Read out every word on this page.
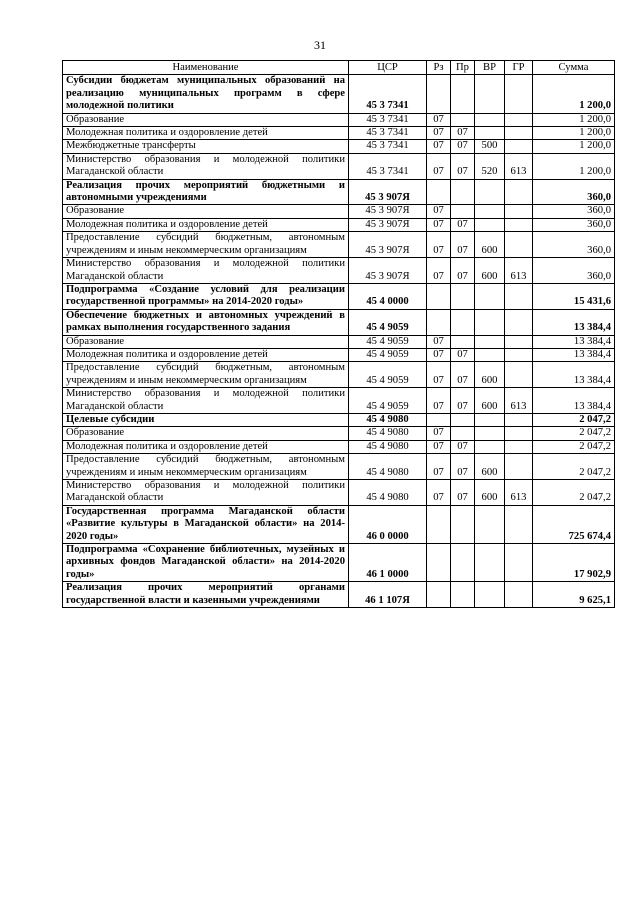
31
Наименование	ЦСР	Рз	Пр	ВР	ГР	Сумма
Субсидии бюджетам муниципальных образований на реализацию муниципальных программ в сфере молодежной политики	45 3 7341					1 200,0
Образование	45 3 7341	07				1 200,0
Молодежная политика и оздоровление детей	45 3 7341	07	07			1 200,0
Межбюджетные трансферты	45 3 7341	07	07	500		1 200,0
Министерство образования и молодежной политики Магаданской области	45 3 7341	07	07	520	613	1 200,0
Реализация прочих мероприятий бюджетными и автономными учреждениями	45 3 907Я					360,0
Образование	45 3 907Я	07				360,0
Молодежная политика и оздоровление детей	45 3 907Я	07	07			360,0
Предоставление субсидий бюджетным, автономным учреждениям и иным некоммерческим организациям	45 3 907Я	07	07	600		360,0
Министерство образования и молодежной политики Магаданской области	45 3 907Я	07	07	600	613	360,0
Подпрограмма «Создание условий для реализации государственной программы» на 2014-2020 годы»	45 4 0000					15 431,6
Обеспечение бюджетных и автономных учреждений в рамках выполнения государственного задания	45 4 9059					13 384,4
Образование	45 4 9059	07				13 384,4
Молодежная политика и оздоровление детей	45 4 9059	07	07			13 384,4
Предоставление субсидий бюджетным, автономным учреждениям и иным некоммерческим организациям	45 4 9059	07	07	600		13 384,4
Министерство образования и молодежной политики Магаданской области	45 4 9059	07	07	600	613	13 384,4
Целевые субсидии	45 4 9080					2 047,2
Образование	45 4 9080	07				2 047,2
Молодежная политика и оздоровление детей	45 4 9080	07	07			2 047,2
Предоставление субсидий бюджетным, автономным учреждениям и иным некоммерческим организациям	45 4 9080	07	07	600		2 047,2
Министерство образования и молодежной политики Магаданской области	45 4 9080	07	07	600	613	2 047,2
Государственная программа Магаданской области «Развитие культуры в Магаданской области» на 2014-2020 годы»	46 0 0000					725 674,4
Подпрограмма «Сохранение библиотечных, музейных и архивных фондов Магаданской области» на 2014-2020 годы»	46 1 0000					17 902,9
Реализация прочих мероприятий органами государственной власти и казенными учреждениями	46 1 107Я					9 625,1
